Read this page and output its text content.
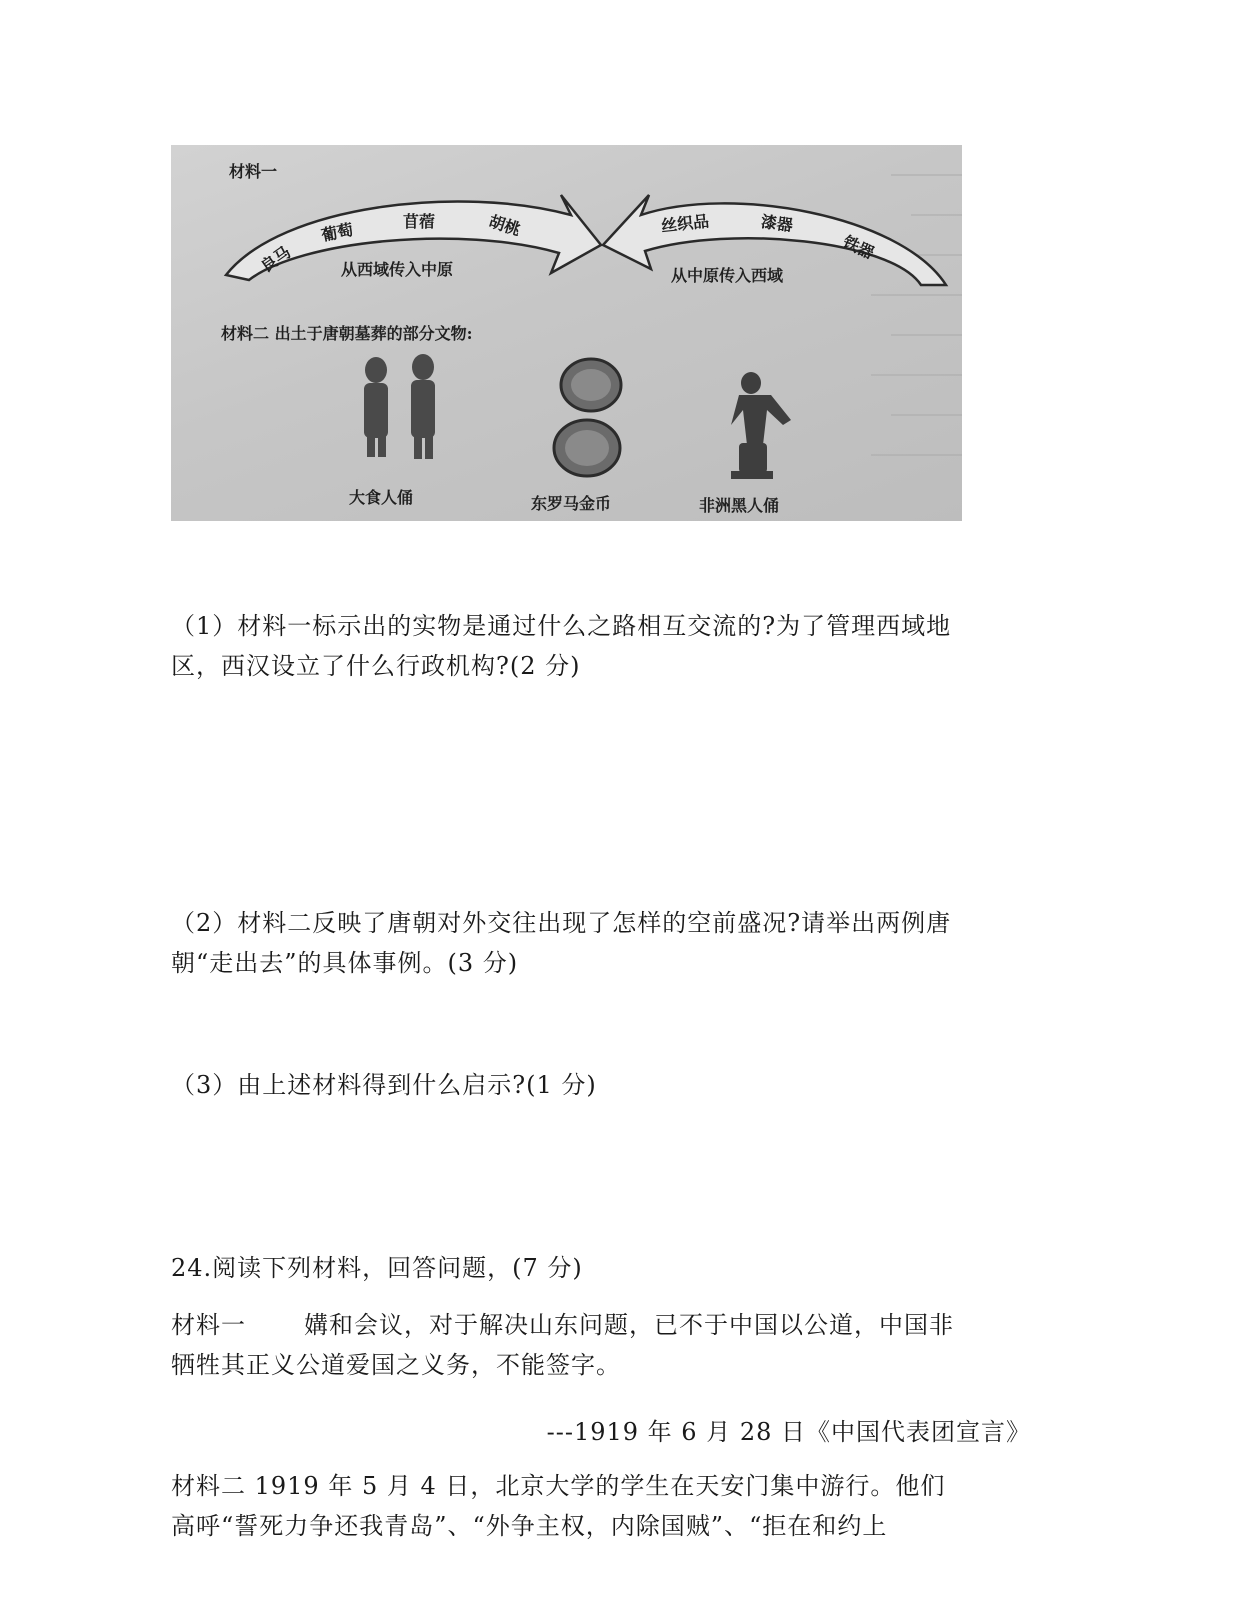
材料一
良马
葡萄	苜蓿	胡桃
从西域传入中原
丝织品	漆器
铁器
从中原传入西域
材料二 出土于唐朝墓葬的部分文物:
大食人俑	东罗马金币	非洲黑人俑
（1）材料一标示出的实物是通过什么之路相互交流的?为了管理西域地
区，西汉设立了什么行政机构?(2 分)
（2）材料二反映了唐朝对外交往出现了怎样的空前盛况?请举出两例唐
朝“走出去”的具体事例。(3 分)
（3）由上述材料得到什么启示?(1 分)
24.阅读下列材料，回答问题，(7 分)
材料一 媾和会议，对于解决山东问题，已不于中国以公道，中国非
牺牲其正义公道爱国之义务，不能签字。
---1919 年 6 月 28 日《中国代表团宣言》
材料二 1919 年 5 月 4 日，北京大学的学生在天安门集中游行。他们
高呼“誓死力争还我青岛”、“外争主权，内除国贼”、“拒在和约上
